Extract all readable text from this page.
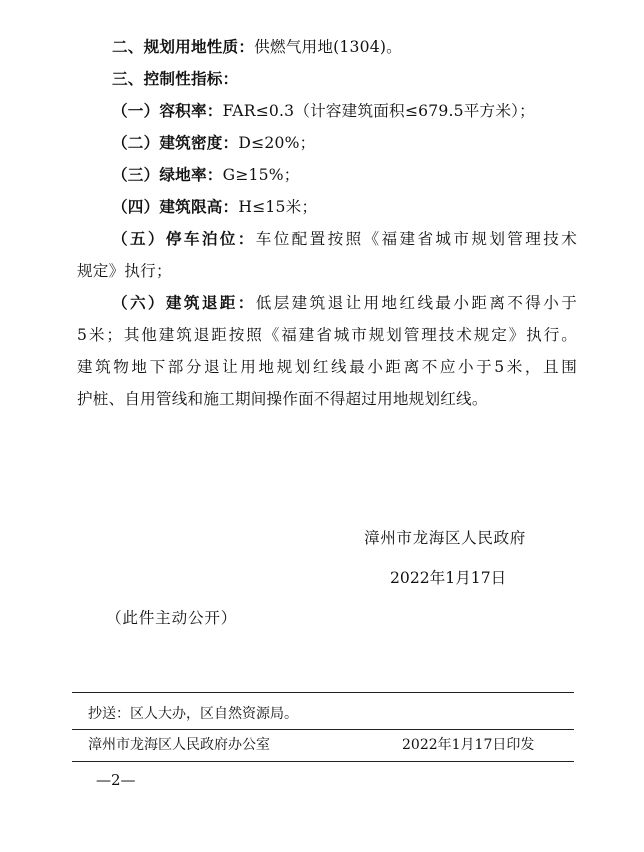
二、规划用地性质：供燃气用地(1304)。
三、控制性指标：
（一）容积率：FAR≤0.3（计容建筑面积≤679.5平方米）；
（二）建筑密度：D≤20%；
（三）绿地率：G≥15%；
（四）建筑限高：H≤15米；
（五）停车泊位：车位配置按照《福建省城市规划管理技术
规定》执行；
（六）建筑退距：低层建筑退让用地红线最小距离不得小于
5米；其他建筑退距按照《福建省城市规划管理技术规定》执行。
建筑物地下部分退让用地规划红线最小距离不应小于5米，且围
护桩、自用管线和施工期间操作面不得超过用地规划红线。
漳州市龙海区人民政府
2022年1月17日
（此件主动公开）
抄送：区人大办，区自然资源局。
漳州市龙海区人民政府办公室	2022年1月17日印发
—2—
